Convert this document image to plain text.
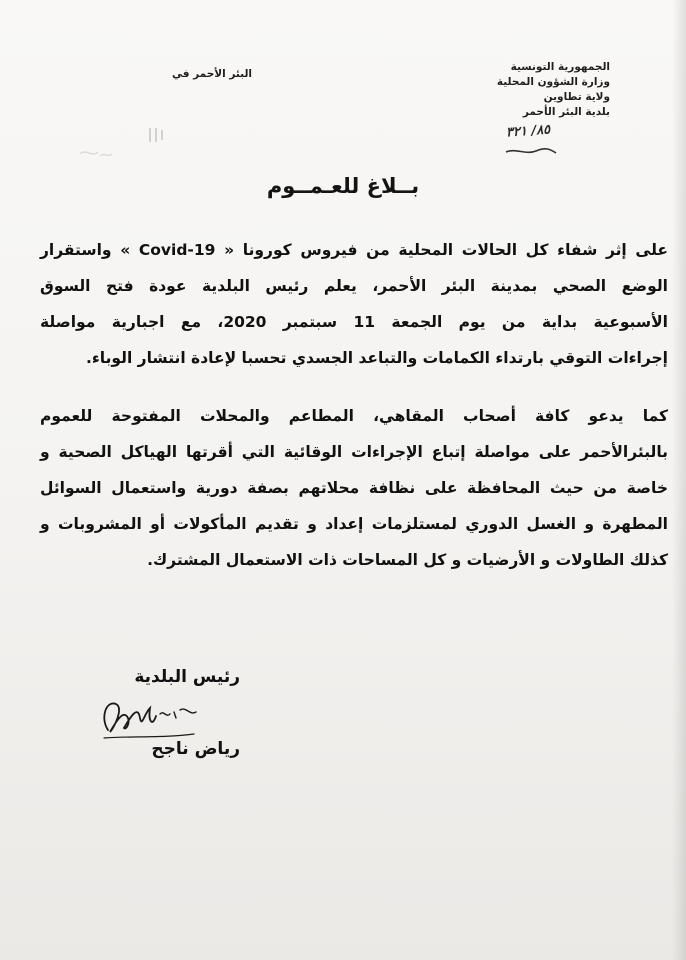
الجمهورية التونسية
وزارة الشؤون المحلية
ولاية تطاوين
بلدية البئر الأحمر
٨٥/ ٣٢١
البئر الأحمر في
بــلاغ للعـمــوم
على إثر شفاء كل الحالات المحلية من فيروس كورونا « Covid-19 » واستقرار
الوضع الصحي بمدينة البئر الأحمر، يعلم رئيس البلدية عودة فتح السوق
الأسبوعية بداية من يوم الجمعة 11 سبتمبر 2020، مع اجبارية مواصلة
إجراءات التوقي بارتداء الكمامات والتباعد الجسدي تحسبا لإعادة انتشار الوباء.
كما يدعو كافة أصحاب المقاهي، المطاعم والمحلات المفتوحة للعموم
بالبئرالأحمر على مواصلة إتباع الإجراءات الوقائية التي أقرتها الهياكل الصحية و
خاصة من حيث المحافظة على نظافة محلاتهم بصفة دورية واستعمال السوائل
المطهرة و الغسل الدوري لمستلزمات إعداد و تقديم المأكولات أو المشروبات و
كذلك الطاولات و الأرضيات و كل المساحات ذات الاستعمال المشترك.
رئيس البلدية
رياض ناجح
